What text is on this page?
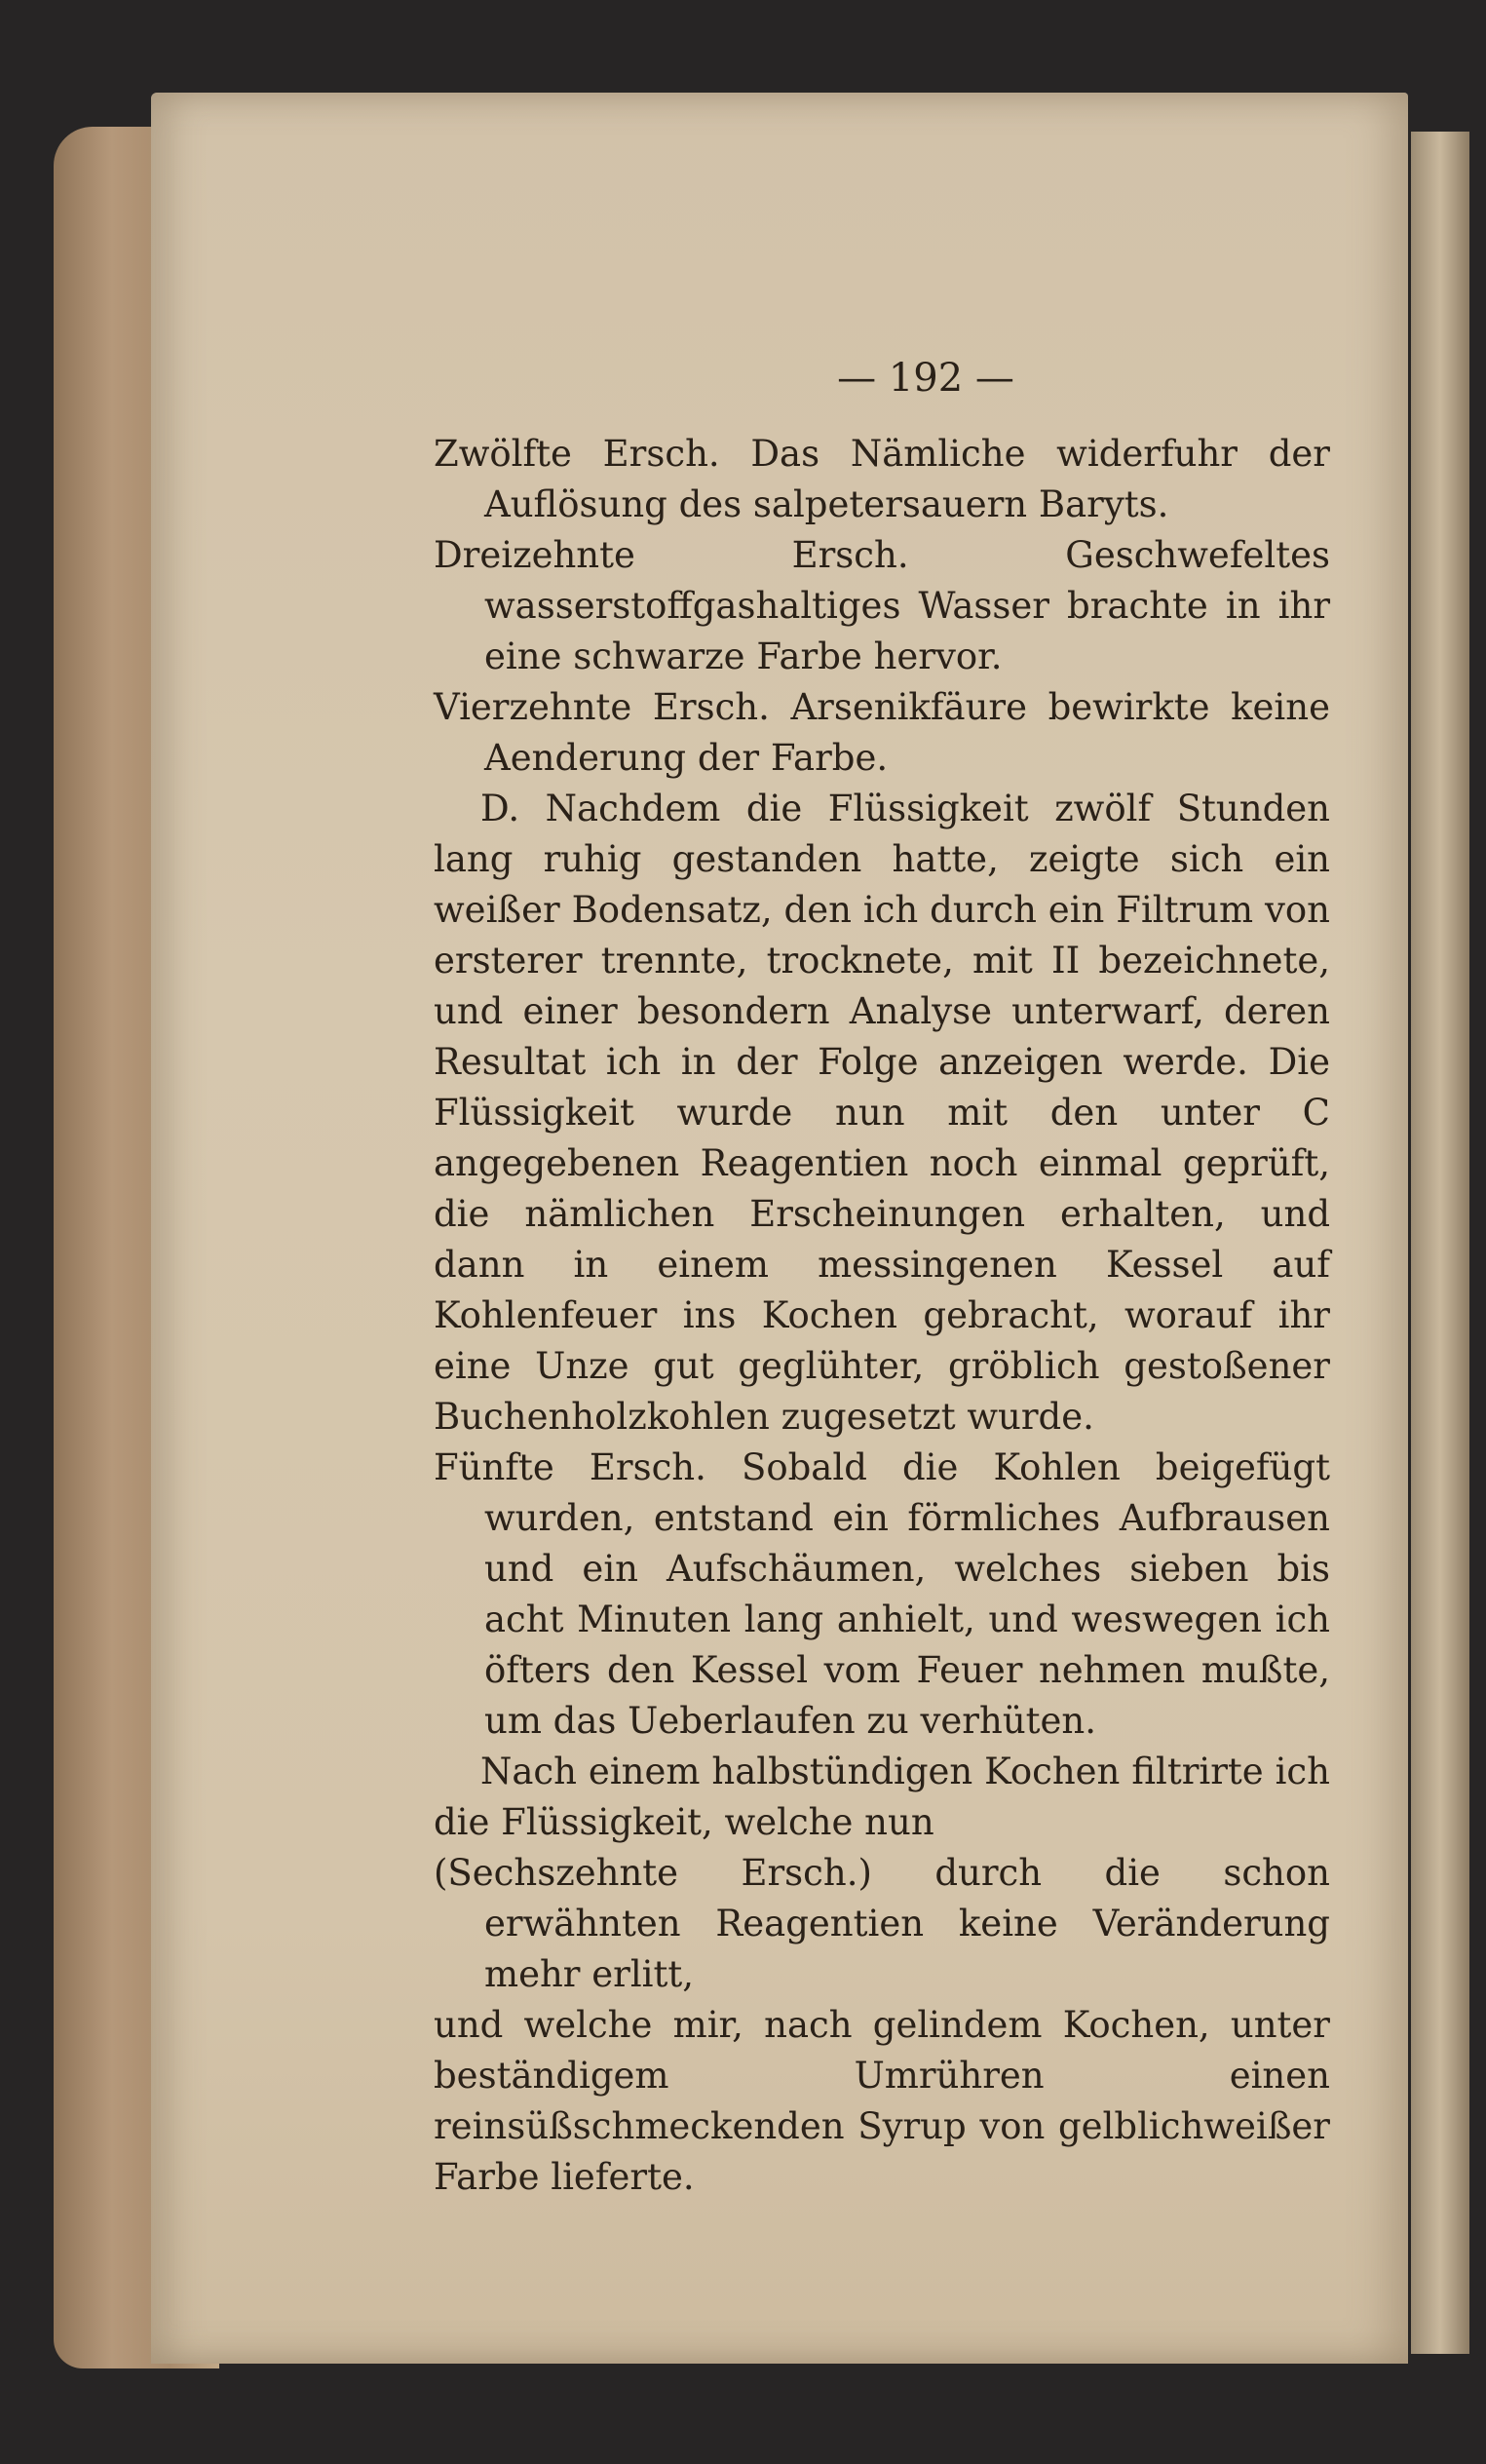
— 192 —

Zwölfte Ersch. Das Nämliche widerfuhr der Auflösung des salpetersauern Baryts.

Dreizehnte Ersch. Geschwefeltes wasserstoffgashaltiges Wasser brachte in ihr eine schwarze Farbe hervor.

Vierzehnte Ersch. Arsenikfäure bewirkte keine Aenderung der Farbe.

D. Nachdem die Flüssigkeit zwölf Stunden lang ruhig gestanden hatte, zeigte sich ein weißer Bodensatz, den ich durch ein Filtrum von ersterer trennte, trocknete, mit II bezeichnete, und einer besondern Analyse unterwarf, deren Resultat ich in der Folge anzeigen werde. Die Flüssigkeit wurde nun mit den unter C angegebenen Reagentien noch einmal geprüft, die nämlichen Erscheinungen erhalten, und dann in einem messingenen Kessel auf Kohlenfeuer ins Kochen gebracht, worauf ihr eine Unze gut geglühter, gröblich gestoßener Buchenholzkohlen zugesetzt wurde.

Fünfte Ersch. Sobald die Kohlen beigefügt wurden, entstand ein förmliches Aufbrausen und ein Aufschäumen, welches sieben bis acht Minuten lang anhielt, und weswegen ich öfters den Kessel vom Feuer nehmen mußte, um das Ueberlaufen zu verhüten.

Nach einem halbstündigen Kochen filtrirte ich die Flüssigkeit, welche nun

(Sechszehnte Ersch.) durch die schon erwähnten Reagentien keine Veränderung mehr erlitt,

und welche mir, nach gelindem Kochen, unter beständigem Umrühren einen reinsüßschmeckenden Syrup von gelblichweißer Farbe lieferte.
